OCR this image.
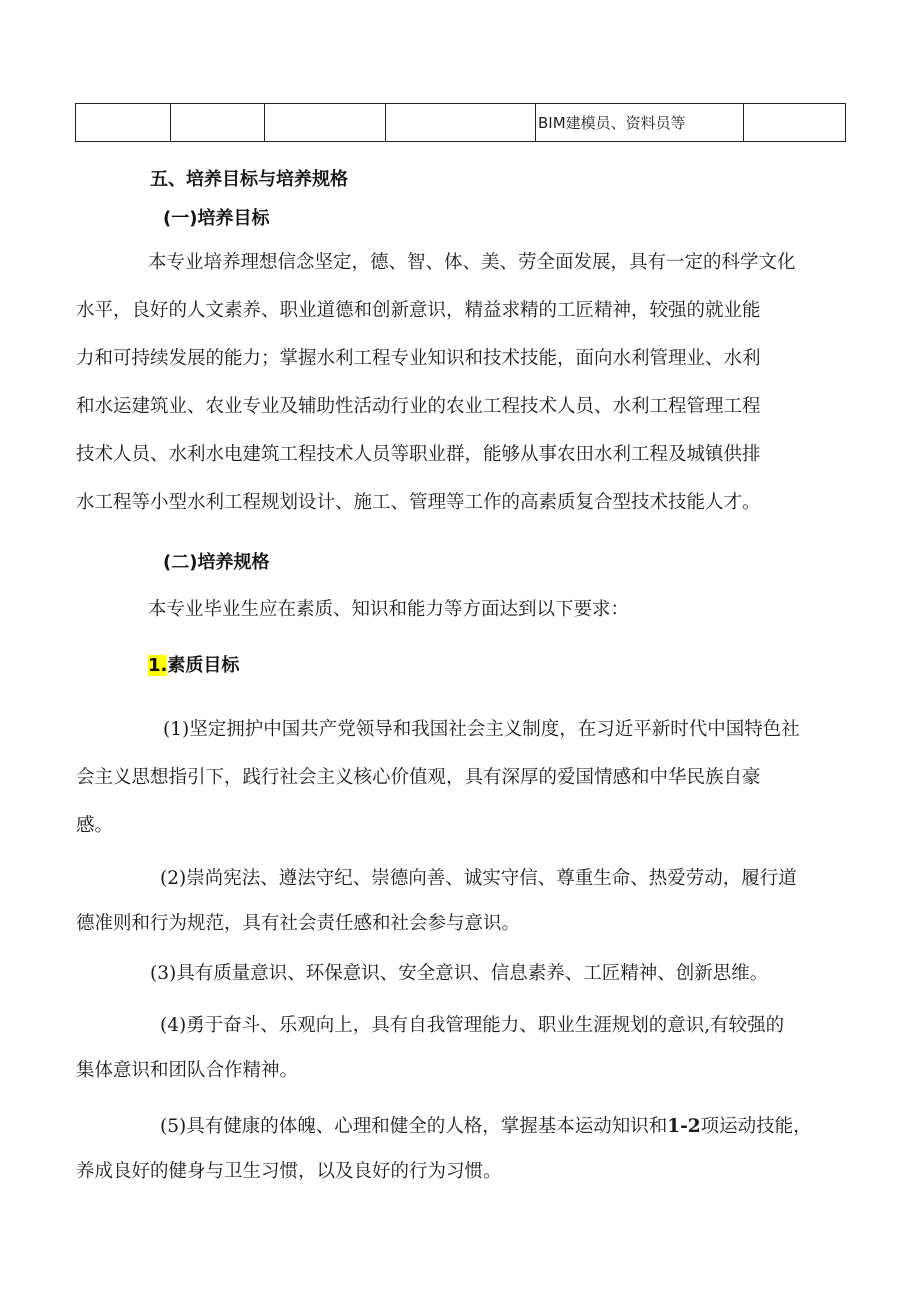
				BIM建模员、资料员等	
五、培养目标与培养规格
(一)培养目标
本专业培养理想信念坚定，德、智、体、美、劳全面发展，具有一定的科学文化
水平，良好的人文素养、职业道德和创新意识，精益求精的工匠精神，较强的就业能
力和可持续发展的能力；掌握水利工程专业知识和技术技能，面向水利管理业、水利
和水运建筑业、农业专业及辅助性活动行业的农业工程技术人员、水利工程管理工程
技术人员、水利水电建筑工程技术人员等职业群，能够从事农田水利工程及城镇供排
水工程等小型水利工程规划设计、施工、管理等工作的高素质复合型技术技能人才。
(二)培养规格
本专业毕业生应在素质、知识和能力等方面达到以下要求：
1.素质目标
(1)坚定拥护中国共产党领导和我国社会主义制度，在习近平新时代中国特色社
会主义思想指引下，践行社会主义核心价值观，具有深厚的爱国情感和中华民族自豪
感。
(2)崇尚宪法、遵法守纪、崇德向善、诚实守信、尊重生命、热爱劳动，履行道
德准则和行为规范，具有社会责任感和社会参与意识。
(3)具有质量意识、环保意识、安全意识、信息素养、工匠精神、创新思维。
(4)勇于奋斗、乐观向上，具有自我管理能力、职业生涯规划的意识,有较强的
集体意识和团队合作精神。
(5)具有健康的体魄、心理和健全的人格，掌握基本运动知识和1-2项运动技能，
养成良好的健身与卫生习惯，以及良好的行为习惯。
